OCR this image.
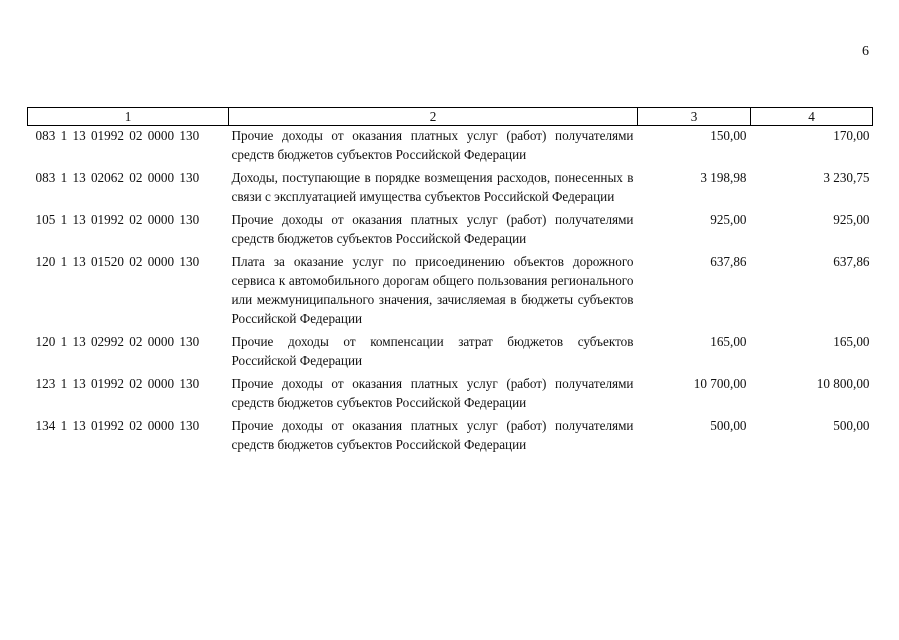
6
1	2	3	4
083 1 13 01992 02 0000 130	Прочие доходы от оказания платных услуг (работ) получателями средств бюджетов субъектов Российской Федерации	150,00	170,00
083 1 13 02062 02 0000 130	Доходы, поступающие в порядке возмещения расходов, понесенных в связи с эксплуатацией имущества субъектов Российской Федерации	3 198,98	3 230,75
105 1 13 01992 02 0000 130	Прочие доходы от оказания платных услуг (работ) получателями средств бюджетов субъектов Российской Федерации	925,00	925,00
120 1 13 01520 02 0000 130	Плата за оказание услуг по присоединению объектов дорожного сервиса к автомобильного дорогам общего пользования регионального или межмуниципального значения, зачисляемая в бюджеты субъектов Российской Федерации	637,86	637,86
120 1 13 02992 02 0000 130	Прочие доходы от компенсации затрат бюджетов субъектов Российской Федерации	165,00	165,00
123 1 13 01992 02 0000 130	Прочие доходы от оказания платных услуг (работ) получателями средств бюджетов субъектов Российской Федерации	10 700,00	10 800,00
134 1 13 01992 02 0000 130	Прочие доходы от оказания платных услуг (работ) получателями средств бюджетов субъектов Российской Федерации	500,00	500,00
